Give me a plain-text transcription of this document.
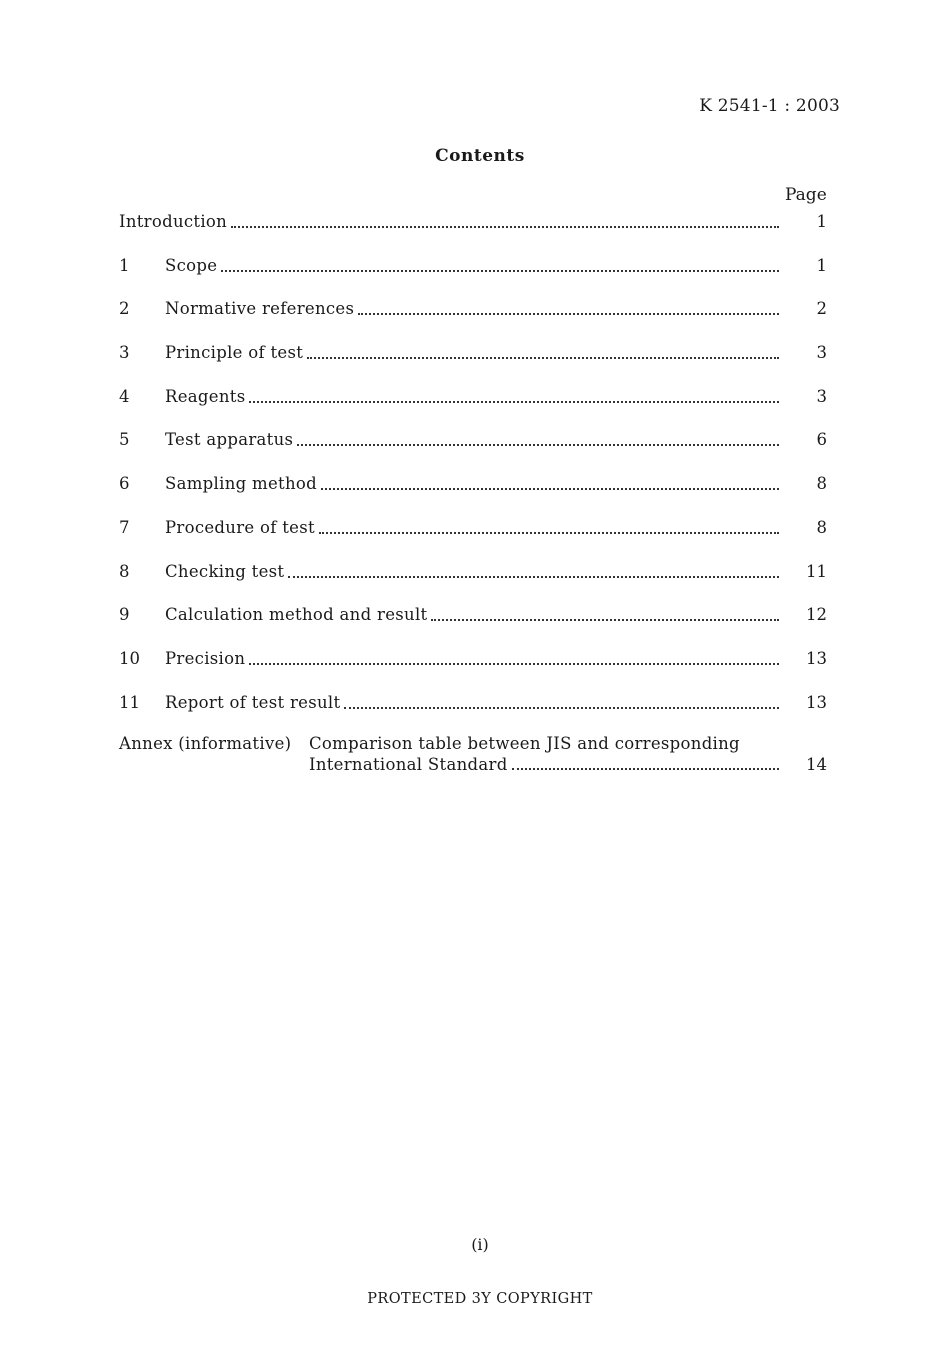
K 2541-1 : 2003
Contents
Page
Introduction	1
1	Scope	1
2	Normative references	2
3	Principle of test	3
4	Reagents	3
5	Test apparatus	6
6	Sampling method	8
7	Procedure of test	8
8	Checking test	11
9	Calculation method and result	12
10	Precision	13
11	Report of test result	13
Annex (informative) Comparison table between JIS and corresponding
International Standard	14
(i)
PROTECTED 3Y COPYRIGHT
